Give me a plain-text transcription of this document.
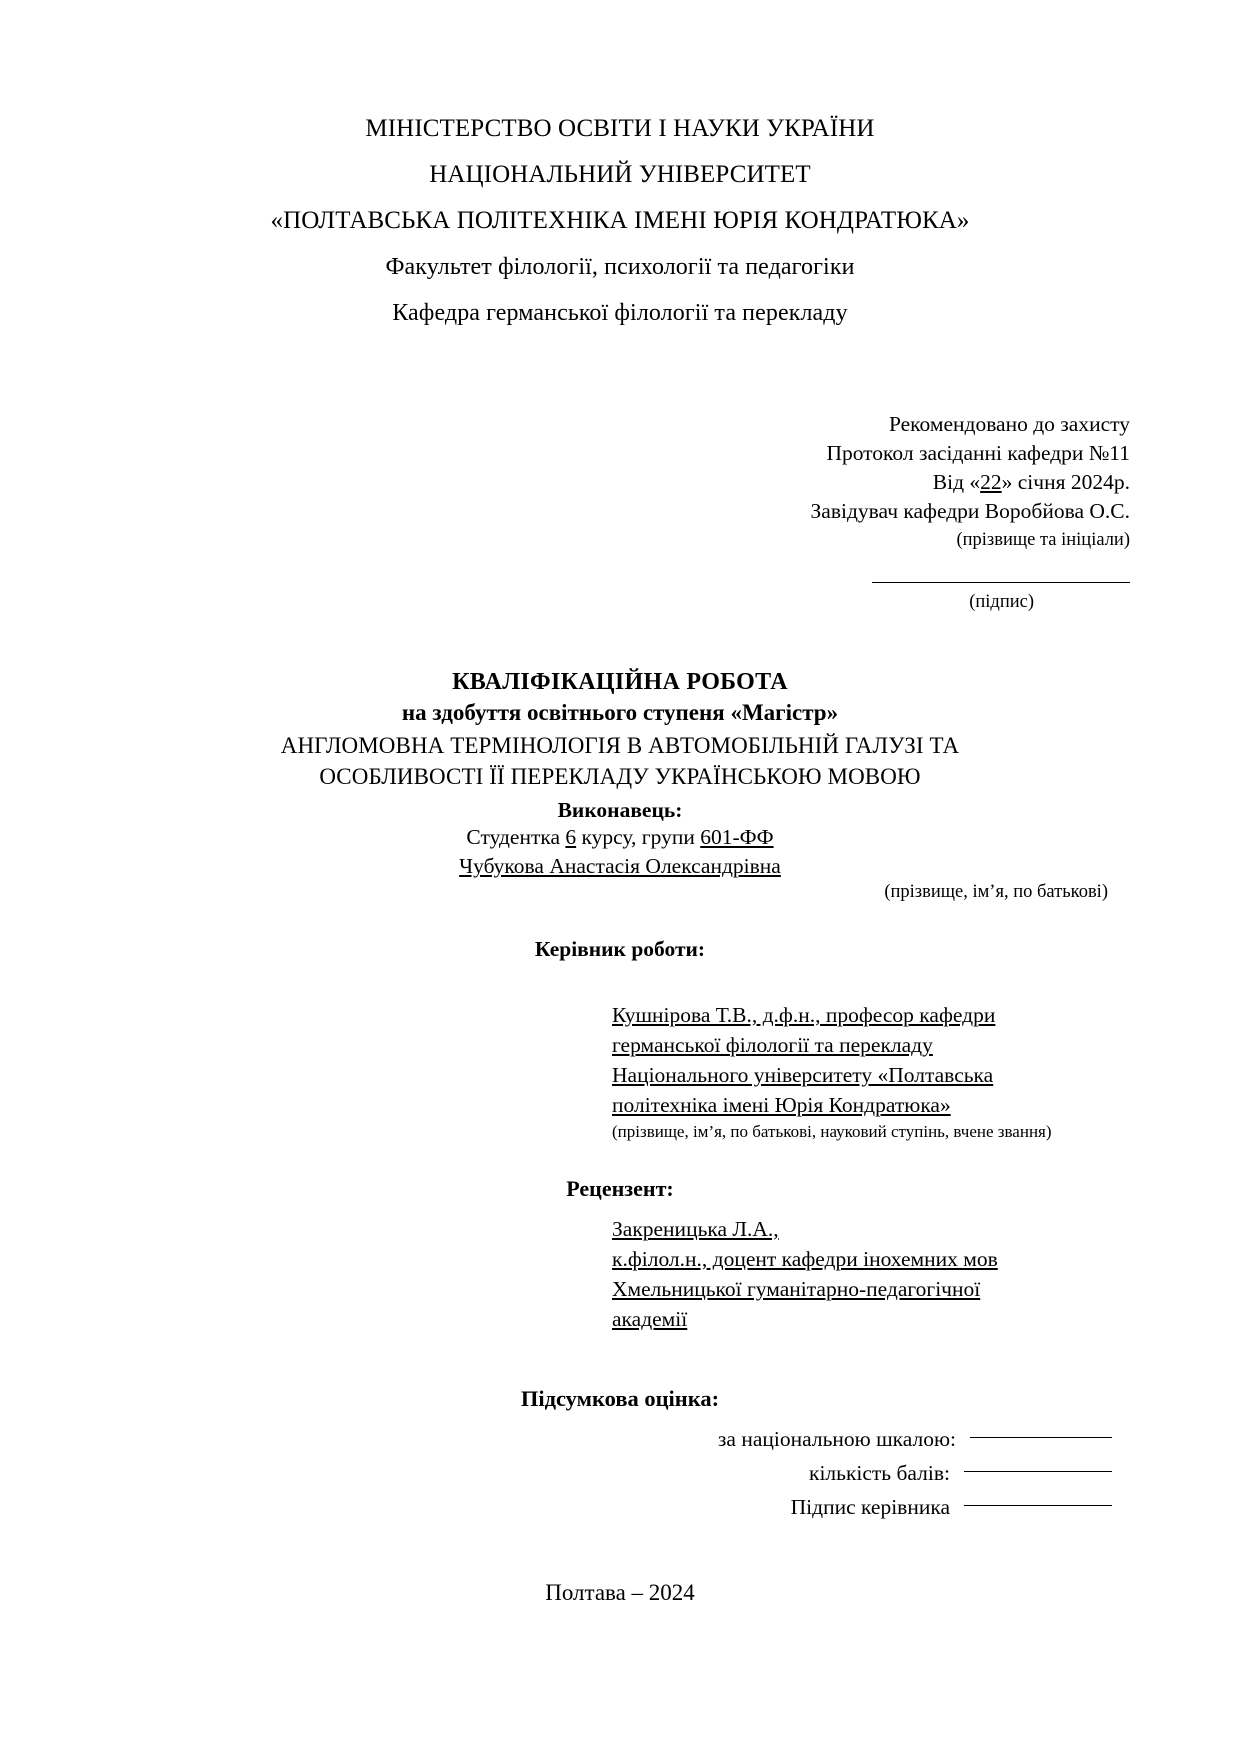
МІНІСТЕРСТВО ОСВІТИ І НАУКИ УКРАЇНИ
НАЦІОНАЛЬНИЙ УНІВЕРСИТЕТ
«ПОЛТАВСЬКА ПОЛІТЕХНІКА ІМЕНІ ЮРІЯ КОНДРАТЮКА»
Факультет філології, психології та педагогіки
Кафедра германської філології та перекладу
Рекомендовано до захисту
Протокол засіданні кафедри №11
Від «22» січня 2024р.
Завідувач кафедри Воробйова О.С.
(прізвище та ініціали)
(підпис)
КВАЛІФІКАЦІЙНА РОБОТА
на здобуття освітнього ступеня «Магістр»
АНГЛОМОВНА ТЕРМІНОЛОГІЯ В АВТОМОБІЛЬНІЙ ГАЛУЗІ ТА
ОСОБЛИВОСТІ ЇЇ ПЕРЕКЛАДУ УКРАЇНСЬКОЮ МОВОЮ
Виконавець:
Студентка 6 курсу, групи 601-ФФ
Чубукова Анастасія Олександрівна
(прізвище, ім’я, по батькові)
Керівник роботи:
Кушнірова Т.В., д.ф.н., професор кафедри
германської філології та перекладу
Національного університету «Полтавська
політехніка імені Юрія Кондратюка»
(прізвище, ім’я, по батькові, науковий ступінь, вчене звання)
Рецензент:
Закреницька Л.А.,
к.філол.н., доцент кафедри інохемних мов
Хмельницької гуманітарно-педагогічної
академії
Підсумкова оцінка:
за національною шкалою:
кількість балів:
Підпис керівника
Полтава – 2024
